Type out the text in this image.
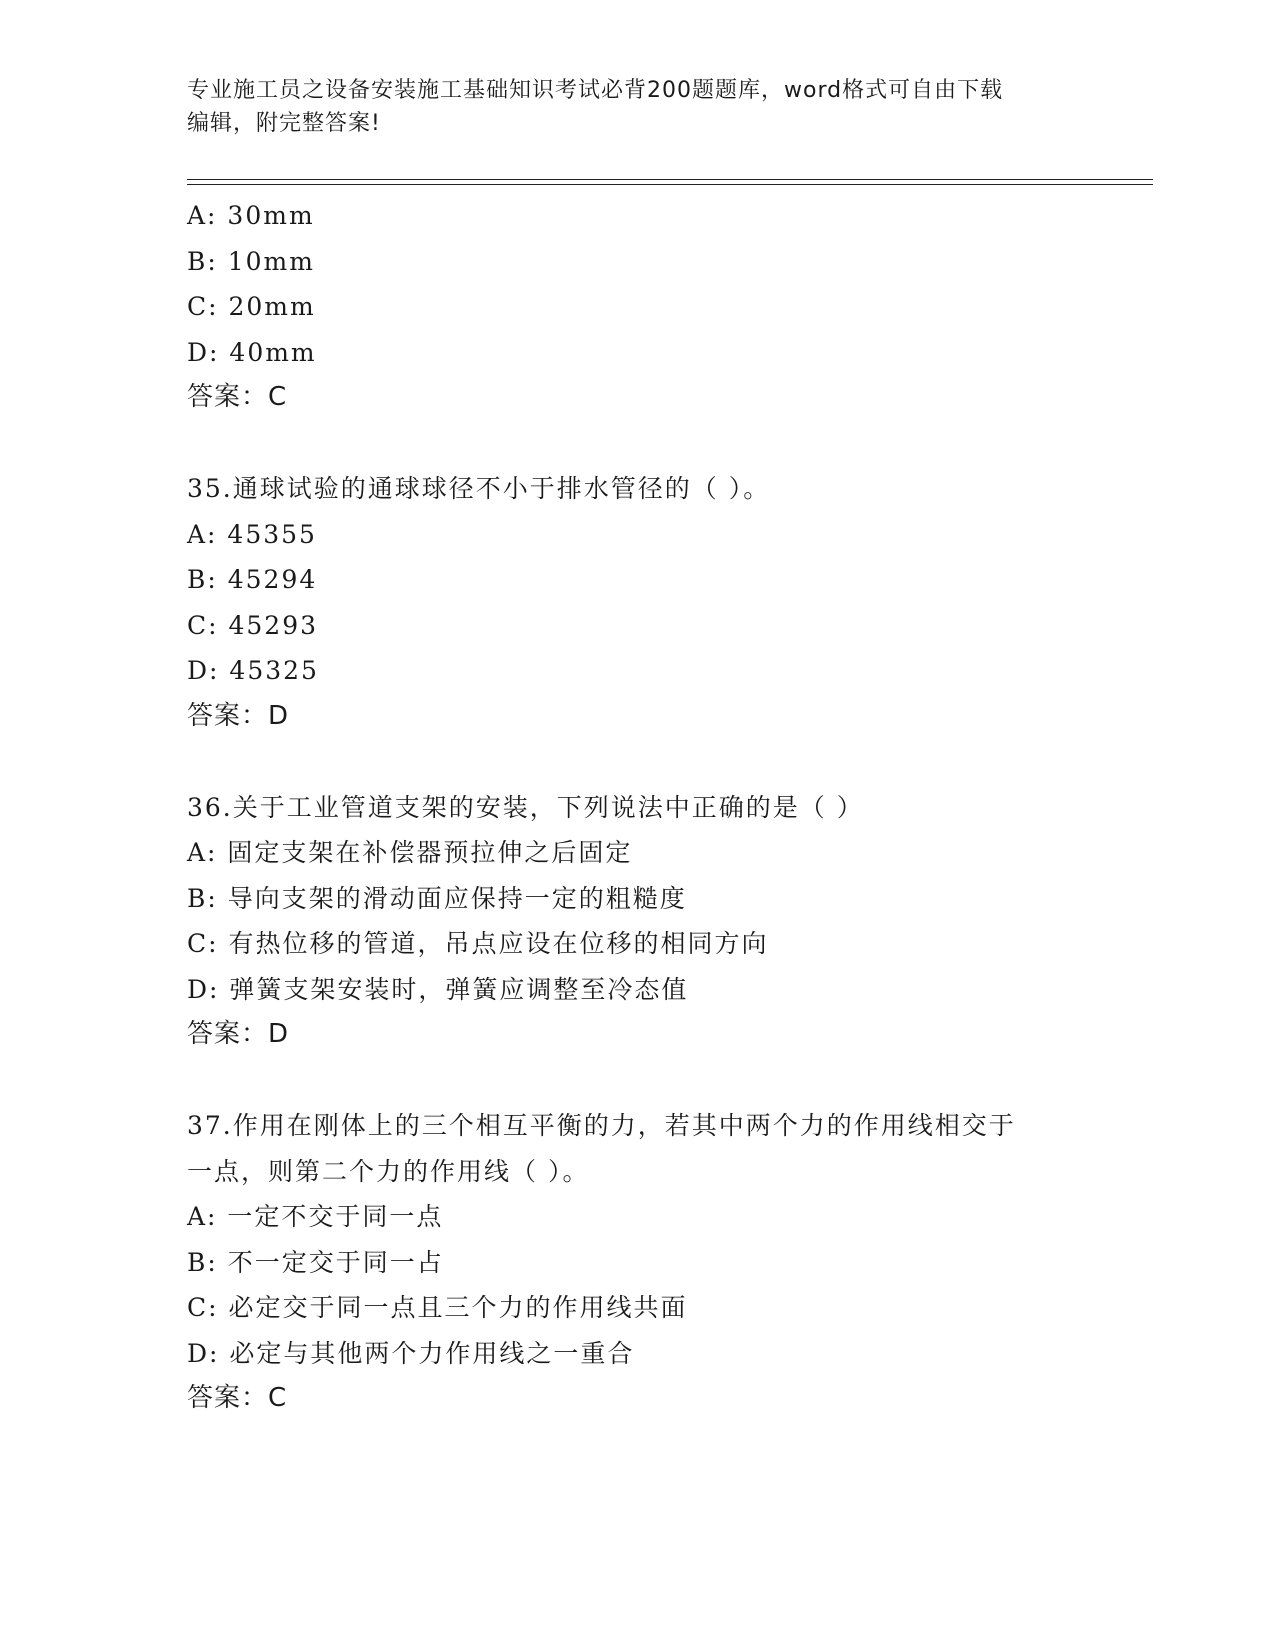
专业施工员之设备安装施工基础知识考试必背200题题库，word格式可自由下载
编辑，附完整答案!
A: 30mm
B: 10mm
C: 20mm
D: 40mm
答案：C
35.通球试验的通球球径不小于排水管径的（ ）。
A: 45355
B: 45294
C: 45293
D: 45325
答案：D
36.关于工业管道支架的安装，下列说法中正确的是（ ）
A: 固定支架在补偿器预拉伸之后固定
B: 导向支架的滑动面应保持一定的粗糙度
C: 有热位移的管道，吊点应设在位移的相同方向
D: 弹簧支架安装时，弹簧应调整至冷态值
答案：D
37.作用在刚体上的三个相互平衡的力，若其中两个力的作用线相交于
一点，则第二个力的作用线（ ）。
A: 一定不交于同一点
B: 不一定交于同一占
C: 必定交于同一点且三个力的作用线共面
D: 必定与其他两个力作用线之一重合
答案：C
